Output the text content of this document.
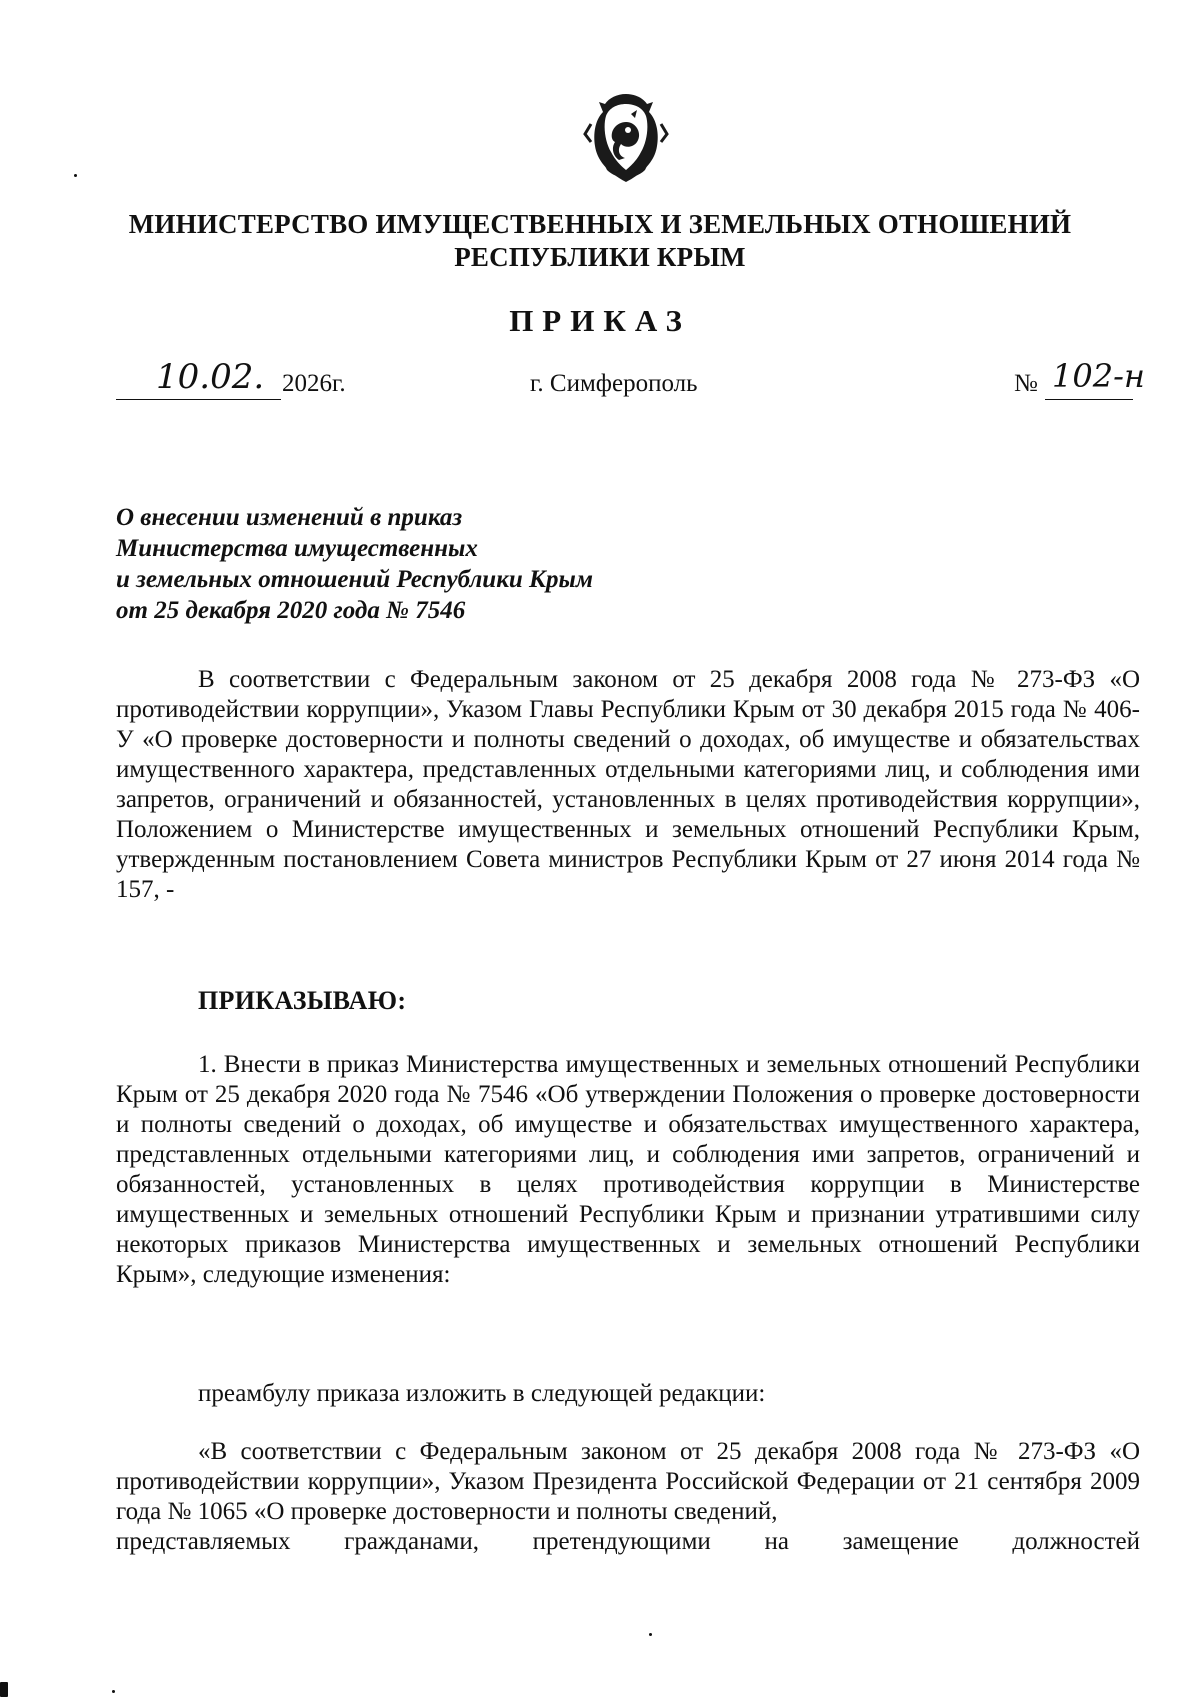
МИНИСТЕРСТВО ИМУЩЕСТВЕННЫХ И ЗЕМЕЛЬНЫХ ОТНОШЕНИЙ
РЕСПУБЛИКИ КРЫМ
ПРИКАЗ
10.02. 2026г.	г. Симферополь	№ 102-н
О внесении изменений в приказ
Министерства имущественных
и земельных отношений Республики Крым
от 25 декабря 2020 года № 7546
В соответствии с Федеральным законом от 25 декабря 2008 года № 273-ФЗ «О противодействии коррупции», Указом Главы Республики Крым от 30 декабря 2015 года № 406-У «О проверке достоверности и полноты сведений о доходах, об имуществе и обязательствах имущественного характера, представленных отдельными категориями лиц, и соблюдения ими запретов, ограничений и обязанностей, установленных в целях противодействия коррупции», Положением о Министерстве имущественных и земельных отношений Республики Крым, утвержденным постановлением Совета министров Республики Крым от 27 июня 2014 года № 157, -
ПРИКАЗЫВАЮ:
1. Внести в приказ Министерства имущественных и земельных отношений Республики Крым от 25 декабря 2020 года № 7546 «Об утверждении Положения о проверке достоверности и полноты сведений о доходах, об имуществе и обязательствах имущественного характера, представленных отдельными категориями лиц, и соблюдения ими запретов, ограничений и обязанностей, установленных в целях противодействия коррупции в Министерстве имущественных и земельных отношений Республики Крым и признании утратившими силу некоторых приказов Министерства имущественных и земельных отношений Республики Крым», следующие изменения:
преамбулу приказа изложить в следующей редакции:
«В соответствии с Федеральным законом от 25 декабря 2008 года № 273-ФЗ «О противодействии коррупции», Указом Президента Российской Федерации от 21 сентября 2009 года № 1065 «О проверке достоверности и полноты сведений,
представляемых гражданами, претендующими на замещение должностей
